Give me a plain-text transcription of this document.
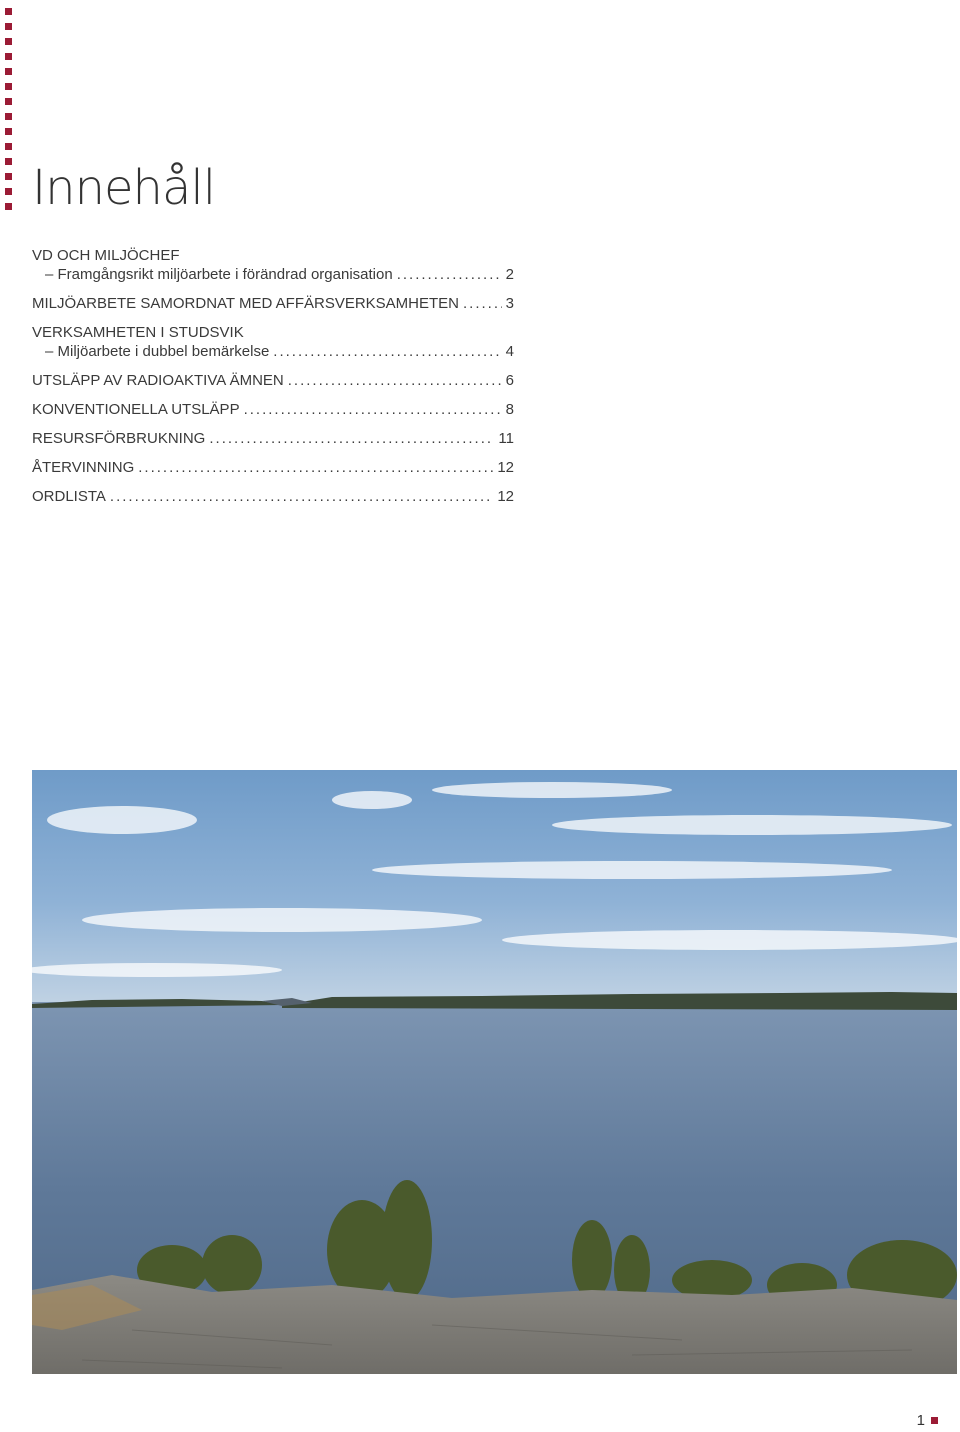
Innehåll
VD OCH MILJÖCHEF
– Framgångsrikt miljöarbete i förändrad organisation .....	2
MILJÖARBETE SAMORDNAT MED AFFÄRSVERKSAMHETEN .....	3
VERKSAMHETEN I STUDSVIK
– Miljöarbete i dubbel bemärkelse .....	4
UTSLÄPP AV RADIOAKTIVA ÄMNEN .....	6
KONVENTIONELLA UTSLÄPP .....	8
RESURSFÖRBRUKNING .....	11
ÅTERVINNING .....	12
ORDLISTA .....	12
1
